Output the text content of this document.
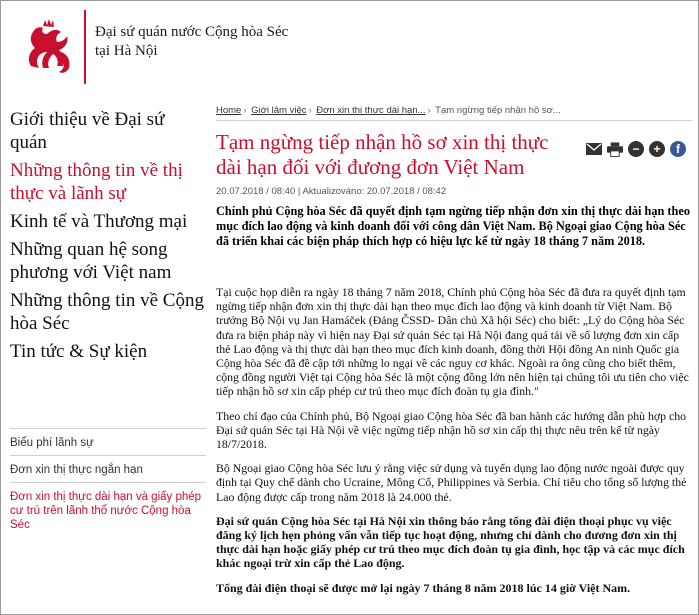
Đại sứ quán nước Cộng hòa Séc
tại Hà Nội
Giới thiệu về Đại sứ quán
Những thông tin về thị thực và lãnh sự
Kinh tế và Thương mại
Những quan hệ song phương với Việt nam
Những thông tin về Cộng hòa Séc
Tin tức & Sự kiện
Biểu phí lãnh sự
Đơn xin thị thực ngắn hạn
Đơn xin thị thực dài hạn và giấy phép cư trú trên lãnh thổ nước Cộng hòa Séc
Home › Giới lâm việc › Đơn xin thị thực dài hạn... › Tạm ngừng tiếp nhận hồ sơ...
Tạm ngừng tiếp nhận hồ sơ xin thị thực dài hạn đối với đương đơn Việt Nam
−	+	f
20.07.2018 / 08:40 | Aktualizováno: 20.07.2018 / 08:42
Chính phủ Cộng hòa Séc đã quyết định tạm ngừng tiếp nhận đơn xin thị thực dài hạn theo mục đích lao động và kinh doanh đối với công dân Việt Nam. Bộ Ngoại giao Cộng hòa Séc đã triển khai các biện pháp thích hợp có hiệu lực kể từ ngày 18 tháng 7 năm 2018.
Tại cuộc họp diễn ra ngày 18 tháng 7 năm 2018, Chính phủ Cộng hòa Séc đã đưa ra quyết định tạm ngừng tiếp nhận đơn xin thị thực dài hạn theo mục đích lao động và kinh doanh từ Việt Nam. Bộ trưởng Bộ Nội vụ Jan Hamáček (Đảng ČSSD- Dân chủ Xã hội Séc) cho biết: „Lý do Cộng hòa Séc đưa ra biện pháp này vì hiện nay Đại sứ quán Séc tại Hà Nội đang quá tải về số lượng đơn xin cấp thẻ Lao động và thị thực dài hạn theo mục đích kinh doanh, đồng thời Hội đồng An ninh Quốc gia Cộng hòa Séc đã đề cập tới những lo ngại về các nguy cơ khác. Ngoài ra ông cũng cho biết thêm, cộng đồng người Việt tại Cộng hòa Séc là một cộng đồng lớn nên hiện tại chúng tôi ưu tiên cho việc tiếp nhận hồ sơ xin cấp phép cư trú theo mục đích đoàn tụ gia đình."
Theo chỉ đạo của Chính phủ, Bộ Ngoại giao Cộng hòa Séc đã ban hành các hướng dẫn phù hợp cho Đại sứ quán Séc tại Hà Nội về việc ngừng tiếp nhận hồ sơ xin cấp thị thực nêu trên kể từ ngày 18/7/2018.
Bộ Ngoại giao Cộng hòa Séc lưu ý rằng việc sử dụng và tuyển dụng lao động nước ngoài được quy định tại Quy chế dành cho Ucraine, Mông Cổ, Philippines và Serbia. Chỉ tiêu cho tổng số lượng thẻ Lao động được cấp trong năm 2018 là 24.000 thẻ.
Đại sứ quán Cộng hòa Séc tại Hà Nội xin thông báo rằng tổng đài điện thoại phục vụ việc đăng ký lịch hẹn phỏng vấn vẫn tiếp tục hoạt động, nhưng chỉ dành cho đương đơn xin thị thực dài hạn hoặc giấy phép cư trú theo mục đích đoàn tụ gia đình, học tập và các mục đích khác ngoại trừ xin cấp thẻ Lao động.
Tổng đài điện thoại sẽ được mở lại ngày 7 tháng 8 năm 2018 lúc 14 giờ Việt Nam.
